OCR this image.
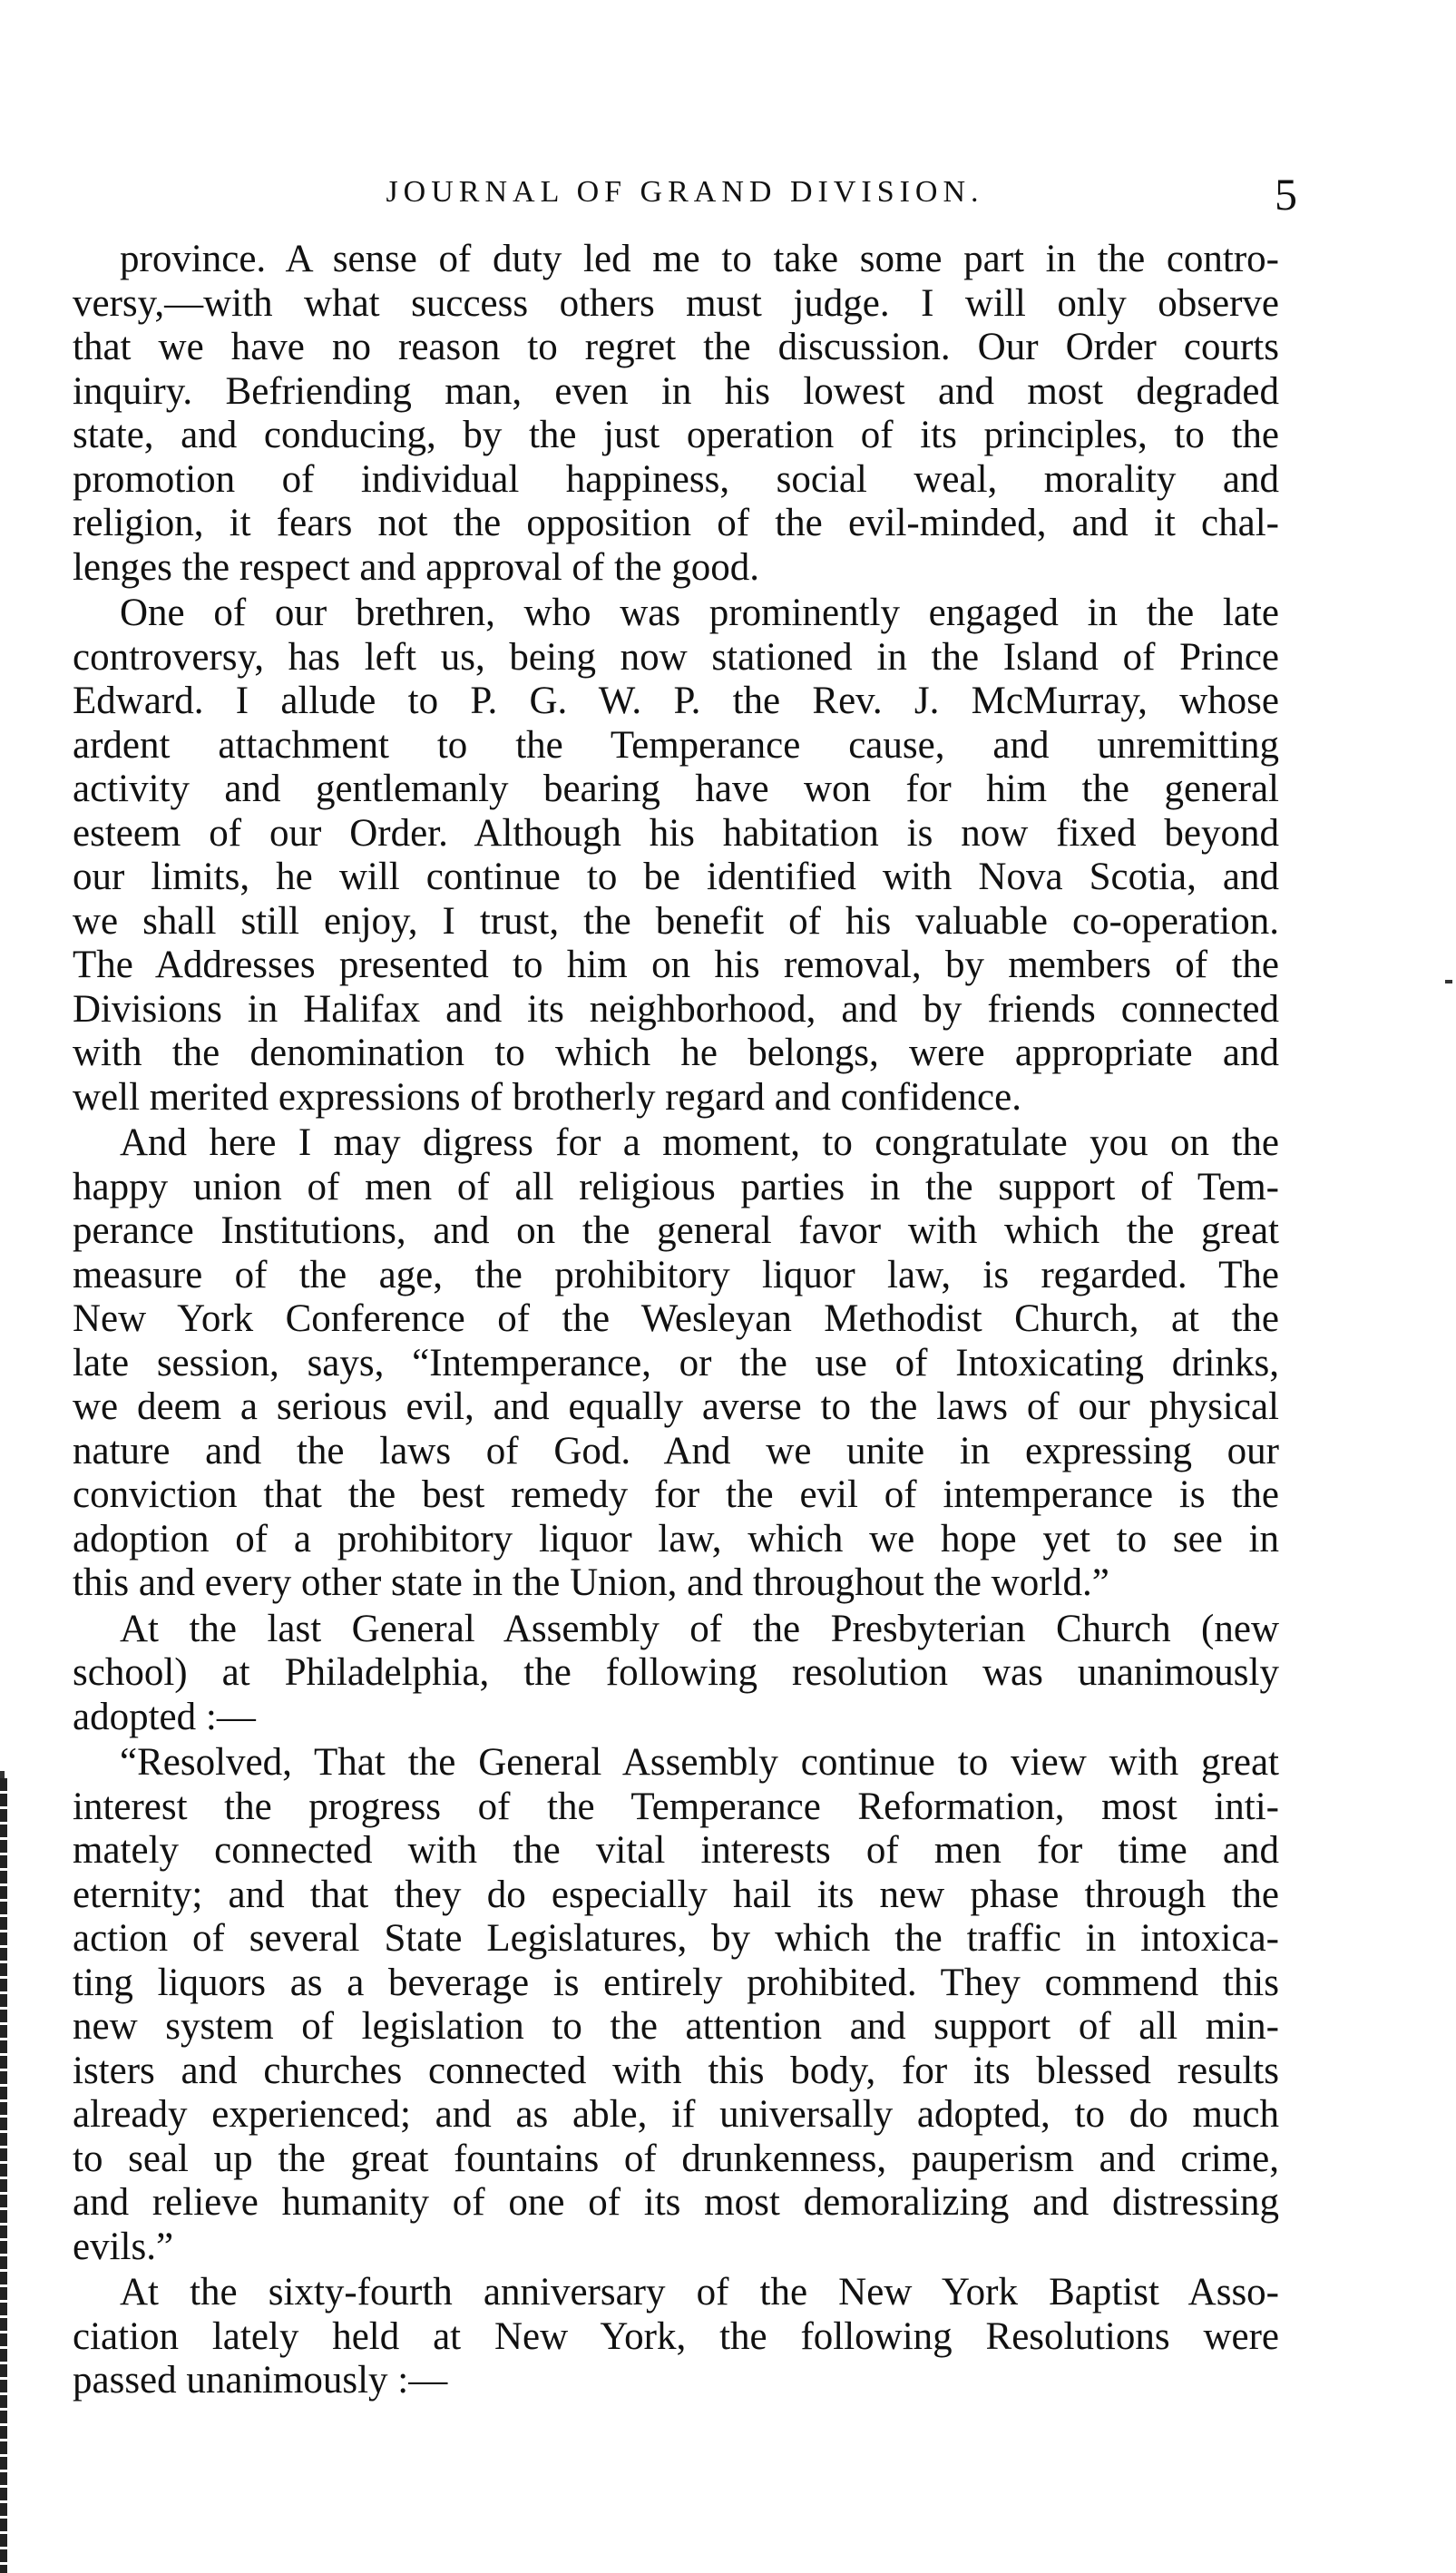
JOURNAL OF GRAND DIVISION.	5
province. A sense of duty led me to take some part in the contro-
versy,—with what success others must judge. I will only observe
that we have no reason to regret the discussion. Our Order courts
inquiry. Befriending man, even in his lowest and most degraded
state, and conducing, by the just operation of its principles, to the
promotion of individual happiness, social weal, morality and
religion, it fears not the opposition of the evil-minded, and it chal-
lenges the respect and approval of the good.
One of our brethren, who was prominently engaged in the late
controversy, has left us, being now stationed in the Island of Prince
Edward. I allude to P. G. W. P. the Rev. J. McMurray, whose
ardent attachment to the Temperance cause, and unremitting
activity and gentlemanly bearing have won for him the general
esteem of our Order. Although his habitation is now fixed beyond
our limits, he will continue to be identified with Nova Scotia, and
we shall still enjoy, I trust, the benefit of his valuable co-operation.
The Addresses presented to him on his removal, by members of the
Divisions in Halifax and its neighborhood, and by friends connected
with the denomination to which he belongs, were appropriate and
well merited expressions of brotherly regard and confidence.
And here I may digress for a moment, to congratulate you on the
happy union of men of all religious parties in the support of Tem-
perance Institutions, and on the general favor with which the great
measure of the age, the prohibitory liquor law, is regarded. The
New York Conference of the Wesleyan Methodist Church, at the
late session, says, “Intemperance, or the use of Intoxicating drinks,
we deem a serious evil, and equally averse to the laws of our physical
nature and the laws of God. And we unite in expressing our
conviction that the best remedy for the evil of intemperance is the
adoption of a prohibitory liquor law, which we hope yet to see in
this and every other state in the Union, and throughout the world.”
At the last General Assembly of the Presbyterian Church (new
school) at Philadelphia, the following resolution was unanimously
adopted :—
“Resolved, That the General Assembly continue to view with great
interest the progress of the Temperance Reformation, most inti-
mately connected with the vital interests of men for time and
eternity; and that they do especially hail its new phase through the
action of several State Legislatures, by which the traffic in intoxica-
ting liquors as a beverage is entirely prohibited. They commend this
new system of legislation to the attention and support of all min-
isters and churches connected with this body, for its blessed results
already experienced; and as able, if universally adopted, to do much
to seal up the great fountains of drunkenness, pauperism and crime,
and relieve humanity of one of its most demoralizing and distressing
evils.”
At the sixty-fourth anniversary of the New York Baptist Asso-
ciation lately held at New York, the following Resolutions were
passed unanimously :—
